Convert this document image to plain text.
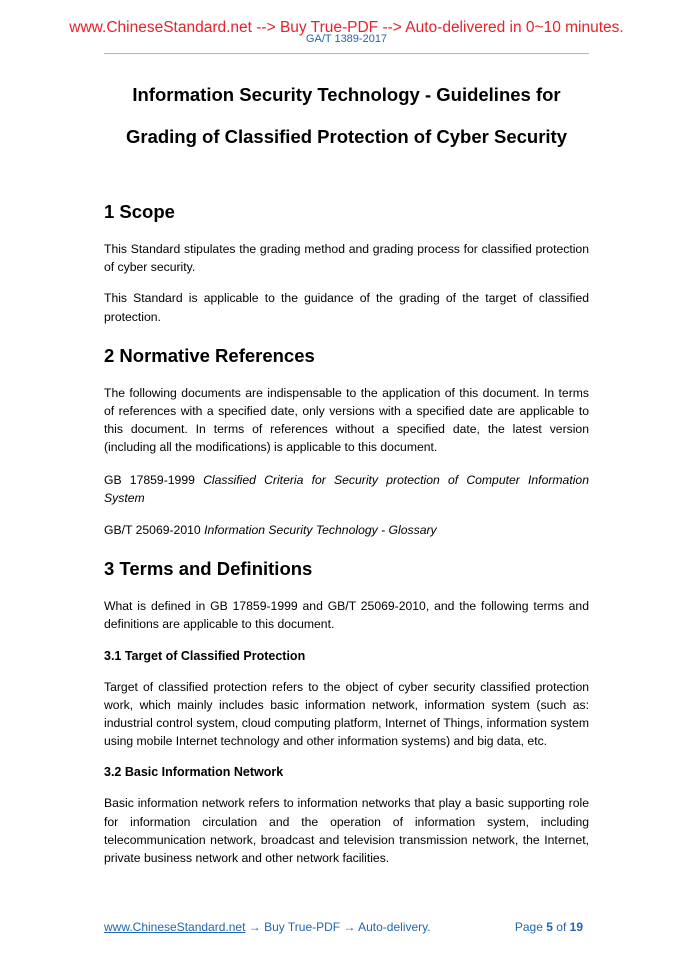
www.ChineseStandard.net --> Buy True-PDF --> Auto-delivered in 0~10 minutes.
GA/T 1389-2017
Information Security Technology - Guidelines for
Grading of Classified Protection of Cyber Security
1 Scope

This Standard stipulates the grading method and grading process for classified protection of cyber security.

This Standard is applicable to the guidance of the grading of the target of classified protection.

2 Normative References

The following documents are indispensable to the application of this document. In terms of references with a specified date, only versions with a specified date are applicable to this document. In terms of references without a specified date, the latest version (including all the modifications) is applicable to this document.

GB 17859-1999 Classified Criteria for Security protection of Computer Information System

GB/T 25069-2010 Information Security Technology - Glossary

3 Terms and Definitions

What is defined in GB 17859-1999 and GB/T 25069-2010, and the following terms and definitions are applicable to this document.

3.1 Target of Classified Protection

Target of classified protection refers to the object of cyber security classified protection work, which mainly includes basic information network, information system (such as: industrial control system, cloud computing platform, Internet of Things, information system using mobile Internet technology and other information systems) and big data, etc.

3.2 Basic Information Network

Basic information network refers to information networks that play a basic supporting role for information circulation and the operation of information system, including telecommunication network, broadcast and television transmission network, the Internet, private business network and other network facilities.

www.ChineseStandard.net → Buy True-PDF → Auto-delivery.	Page 5 of 19
